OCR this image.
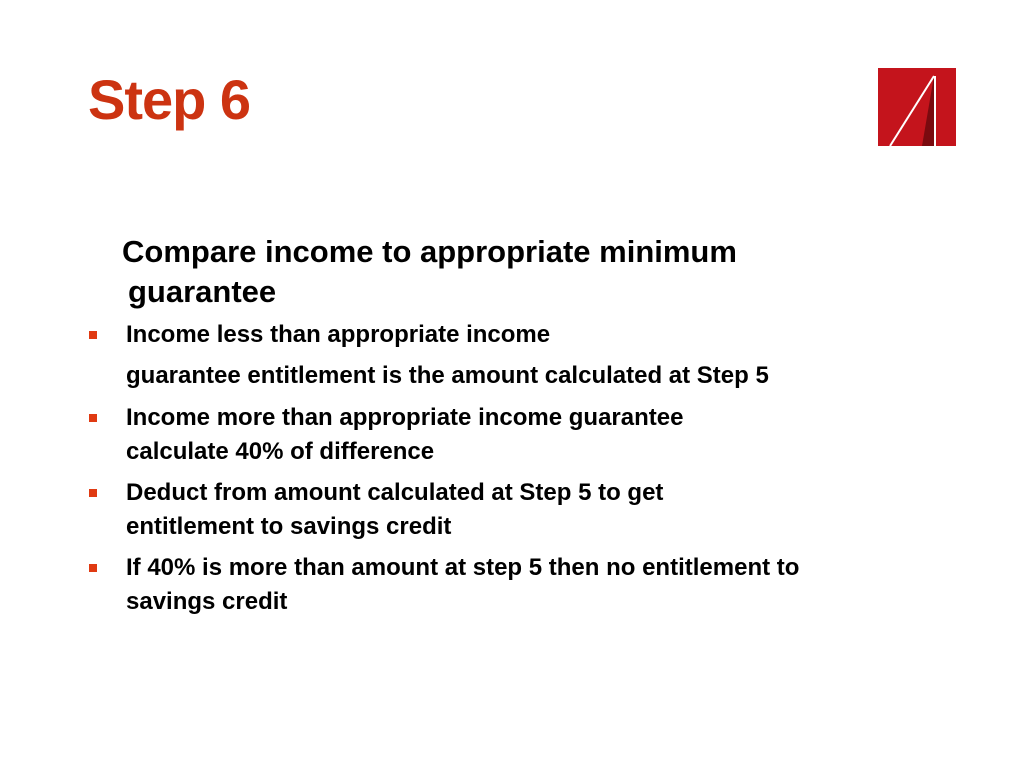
Step 6

Compare income to appropriate minimum
guarantee

Income less than appropriate income
guarantee entitlement is the amount calculated at Step 5
Income more than appropriate income guarantee
calculate 40% of difference
Deduct from amount calculated at Step 5 to get
entitlement to savings credit
If 40% is more than amount at step 5 then no entitlement to
savings credit
